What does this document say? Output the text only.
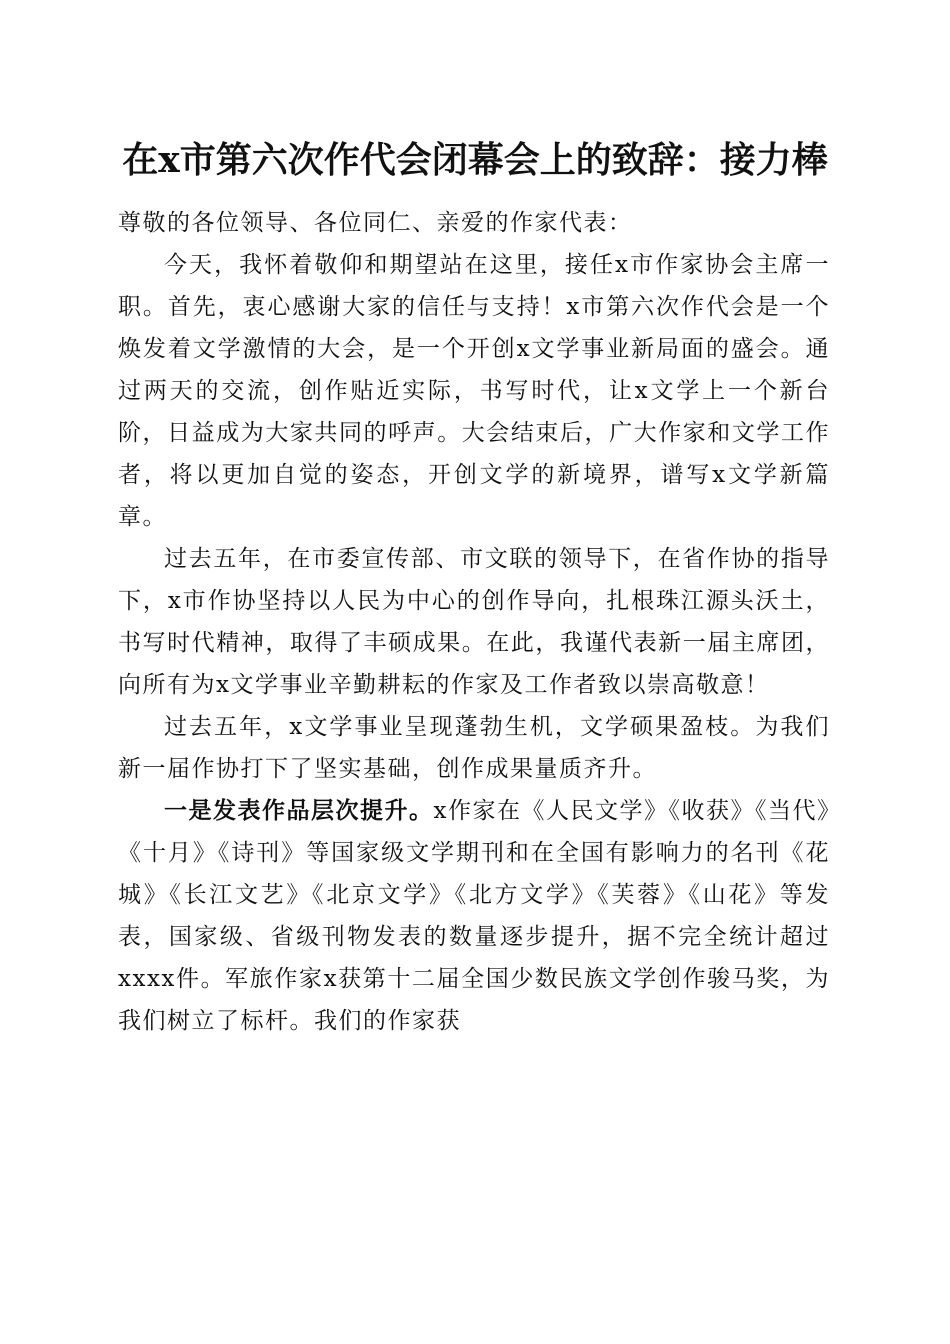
在x市第六次作代会闭幕会上的致辞：接力棒

尊敬的各位领导、各位同仁、亲爱的作家代表：

今天，我怀着敬仰和期望站在这里，接任x市作家协会主席一职。首先，衷心感谢大家的信任与支持！x市第六次作代会是一个焕发着文学激情的大会，是一个开创x文学事业新局面的盛会。通过两天的交流，创作贴近实际，书写时代，让x文学上一个新台阶，日益成为大家共同的呼声。大会结束后，广大作家和文学工作者，将以更加自觉的姿态，开创文学的新境界，谱写x文学新篇章。

过去五年，在市委宣传部、市文联的领导下，在省作协的指导下，x市作协坚持以人民为中心的创作导向，扎根珠江源头沃土，书写时代精神，取得了丰硕成果。在此，我谨代表新一届主席团，向所有为x文学事业辛勤耕耘的作家及工作者致以崇高敬意！

过去五年，x文学事业呈现蓬勃生机，文学硕果盈枝。为我们新一届作协打下了坚实基础，创作成果量质齐升。

一是发表作品层次提升。x作家在《人民文学》《收获》《当代》《十月》《诗刊》等国家级文学期刊和在全国有影响力的名刊《花城》《长江文艺》《北京文学》《北方文学》《芙蓉》《山花》等发表，国家级、省级刊物发表的数量逐步提升，据不完全统计超过xxxx件。军旅作家x获第十二届全国少数民族文学创作骏马奖，为我们树立了标杆。我们的作家获
